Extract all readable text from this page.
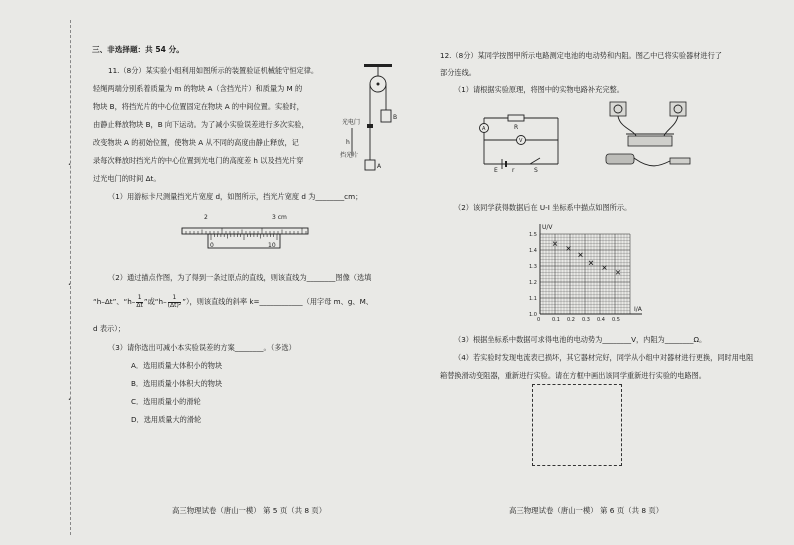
・
・
・
三、非选择题：共 54 分。
11.（8分）某实验小组利用如图所示的装置验证机械能守恒定律。
轻绳两端分别系着质量为 m 的物块 A（含挡光片）和质量为 M 的
物块 B，将挡光片的中心位置固定在物块 A 的中间位置。实验时，
由静止释放物块 B，B 向下运动。为了减小实验误差进行多次实验，
改变物块 A 的初始位置，使物块 A 从不同的高度由静止释放，记
录每次释放时挡光片的中心位置到光电门的高度差 h 以及挡光片穿
过光电门的时间 Δt。
B
光电门
h
挡光片
A
（1）用游标卡尺测量挡光片宽度 d，如图所示，挡光片宽度 d 为________cm；
2	3 cm
0	10
（2）通过描点作图，为了得到一条过原点的直线，则该直线为________图像（选填
“h–Δt”、“$h- \frac{1}{\Delta t}$ ”或“$h- \frac{1}{\text{(Δt)²}}$ ”），则该直线的斜率 k=____________（用字母 m、g、M、
d 表示）；
（3）请你选出可减小本实验误差的方案________。（多选）
A．选用质量大体积小的物块
B．选用质量小体积大的物块
C．选用质量小的滑轮
D．选用质量大的滑轮
高三物理试卷（唐山一模） 第 5 页（共 8 页）
12.（8分）某同学按图甲所示电路测定电池的电动势和内阻。图乙中已将实验器材进行了
部分连线。
（1）请根据实验原理，将图中的实物电路补充完整。
A	R
V
E r	S
（2）该同学获得数据后在 U-I 坐标系中描点如图所示。
0 0.1 0.2 0.3 0.4 0.5
1.0
1.1
1.2
1.3
1.4
1.5
U/V
I/A
（3）根据坐标系中数据可求得电池的电动势为________V，内阻为________Ω。
（4）若实验时发现电流表已损坏，其它器材完好，同学从小组中对器材进行更换，同时用电阻
箱替换滑动变阻器，重新进行实验。请在方框中画出该同学重新进行实验的电路图。
高三物理试卷（唐山一模） 第 6 页（共 8 页）
